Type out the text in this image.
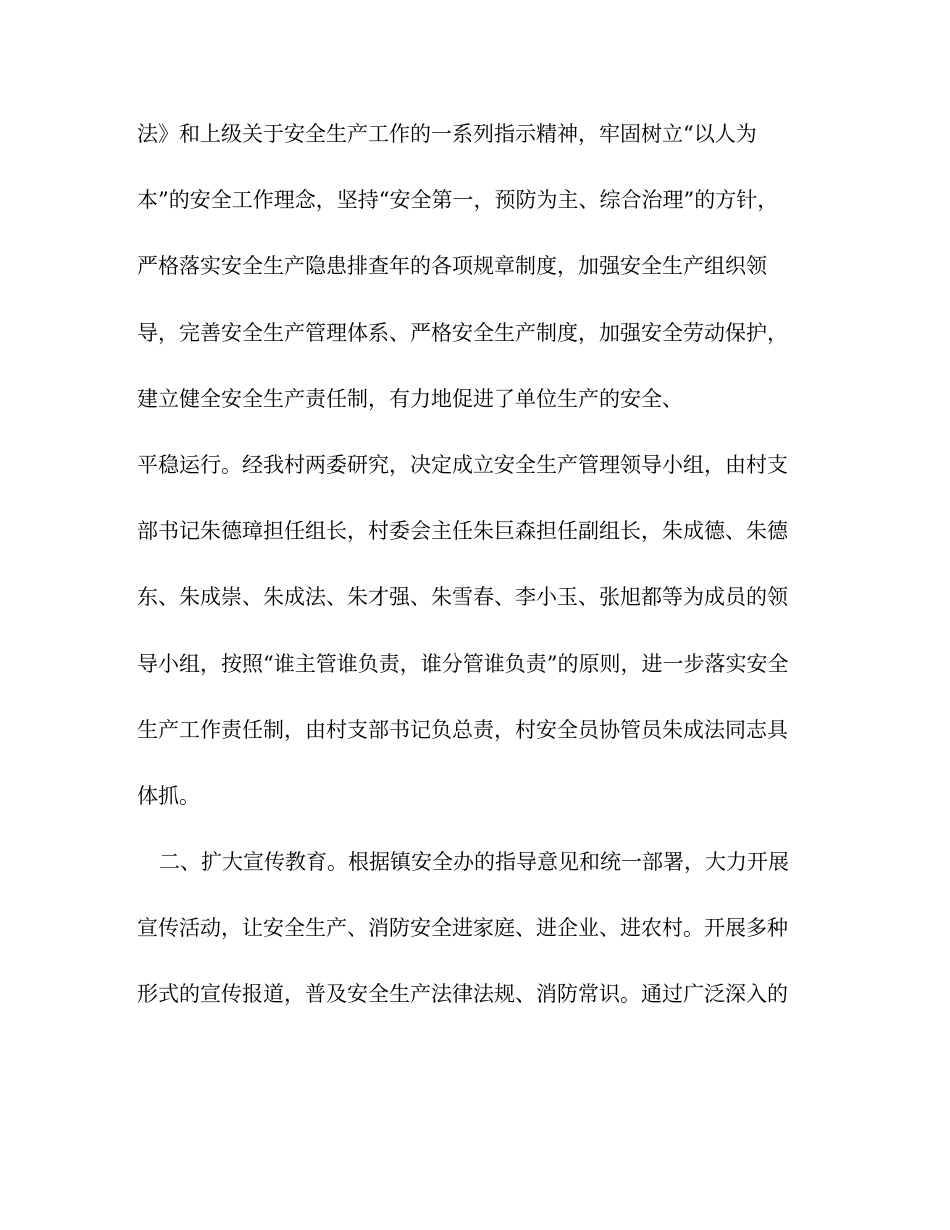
法》和上级关于安全生产工作的一系列指示精神，牢固树立“以人为
本”的安全工作理念，坚持“安全第一，预防为主、综合治理”的方针，
严格落实安全生产隐患排查年的各项规章制度，加强安全生产组织领
导，完善安全生产管理体系、严格安全生产制度，加强安全劳动保护，
建立健全安全生产责任制，有力地促进了单位生产的安全、
平稳运行。经我村两委研究，决定成立安全生产管理领导小组，由村支
部书记朱德璋担任组长，村委会主任朱巨森担任副组长，朱成德、朱德
东、朱成崇、朱成法、朱才强、朱雪春、李小玉、张旭都等为成员的领
导小组，按照“谁主管谁负责，谁分管谁负责”的原则，进一步落实安全
生产工作责任制，由村支部书记负总责，村安全员协管员朱成法同志具
体抓。
二、扩大宣传教育。根据镇安全办的指导意见和统一部署，大力开展
宣传活动，让安全生产、消防安全进家庭、进企业、进农村。开展多种
形式的宣传报道，普及安全生产法律法规、消防常识。通过广泛深入的
